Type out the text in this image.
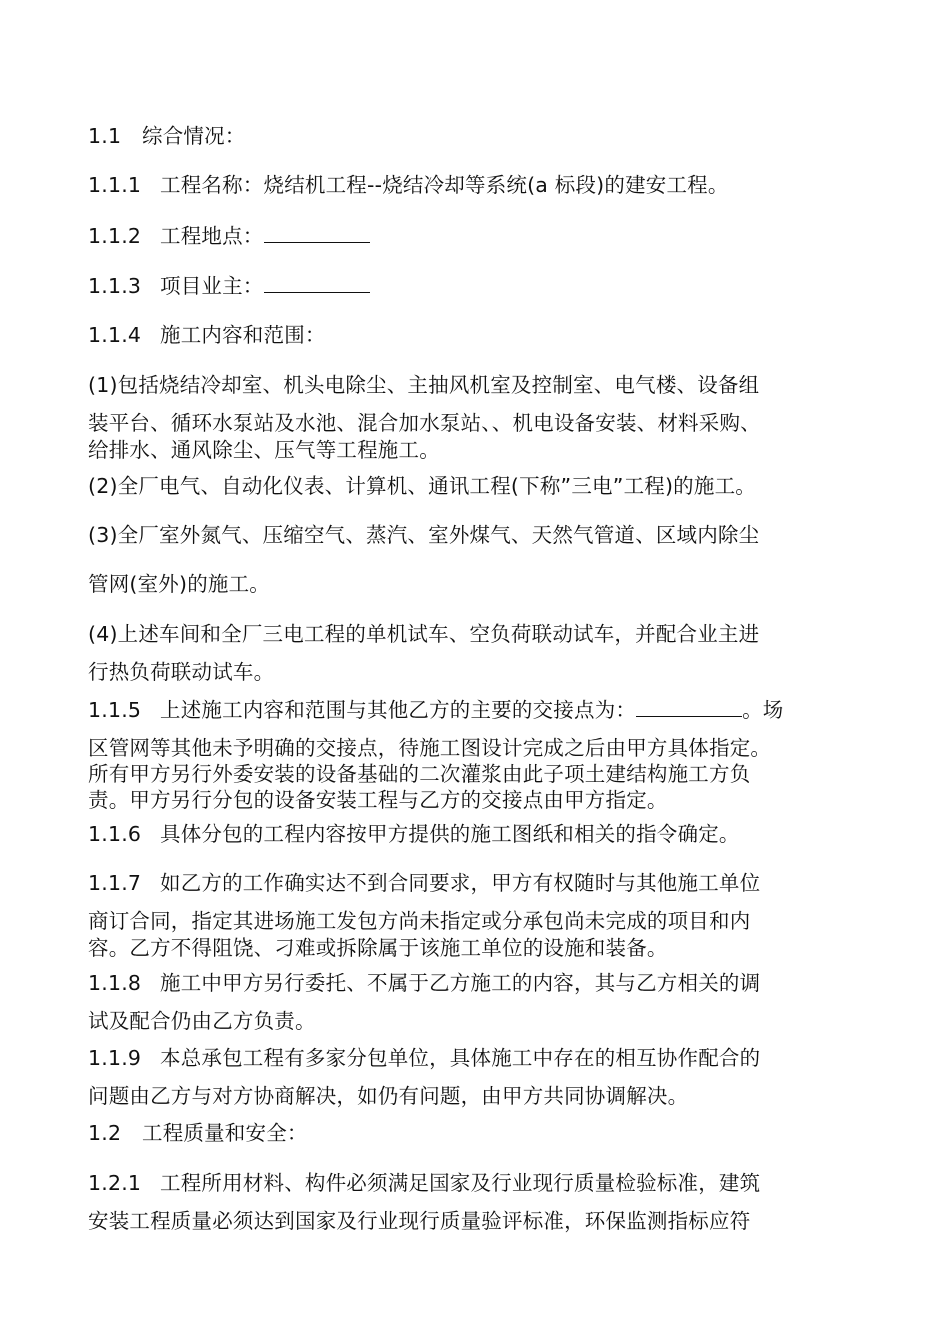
1.1 综合情况：
1.1.1 工程名称：烧结机工程--烧结冷却等系统(a 标段)的建安工程。
1.1.2 工程地点：
1.1.3 项目业主：
1.1.4 施工内容和范围：
(1)包括烧结冷却室、机头电除尘、主抽风机室及控制室、电气楼、设备组
装平台、循环水泵站及水池、混合加水泵站、、机电设备安装、材料采购、
给排水、通风除尘、压气等工程施工。
(2)全厂电气、自动化仪表、计算机、通讯工程(下称”三电”工程)的施工。
(3)全厂室外氮气、压缩空气、蒸汽、室外煤气、天然气管道、区域内除尘
管网(室外)的施工。
(4)上述车间和全厂三电工程的单机试车、空负荷联动试车，并配合业主进
行热负荷联动试车。
1.1.5 上述施工内容和范围与其他乙方的主要的交接点为：	。场
区管网等其他未予明确的交接点，待施工图设计完成之后由甲方具体指定。
所有甲方另行外委安装的设备基础的二次灌浆由此子项土建结构施工方负
责。甲方另行分包的设备安装工程与乙方的交接点由甲方指定。
1.1.6 具体分包的工程内容按甲方提供的施工图纸和相关的指令确定。
1.1.7 如乙方的工作确实达不到合同要求，甲方有权随时与其他施工单位
商订合同，指定其进场施工发包方尚未指定或分承包尚未完成的项目和内
容。乙方不得阻饶、刁难或拆除属于该施工单位的设施和装备。
1.1.8 施工中甲方另行委托、不属于乙方施工的内容，其与乙方相关的调
试及配合仍由乙方负责。
1.1.9 本总承包工程有多家分包单位，具体施工中存在的相互协作配合的
问题由乙方与对方协商解决，如仍有问题，由甲方共同协调解决。
1.2 工程质量和安全：
1.2.1 工程所用材料、构件必须满足国家及行业现行质量检验标准，建筑
安装工程质量必须达到国家及行业现行质量验评标准，环保监测指标应符
